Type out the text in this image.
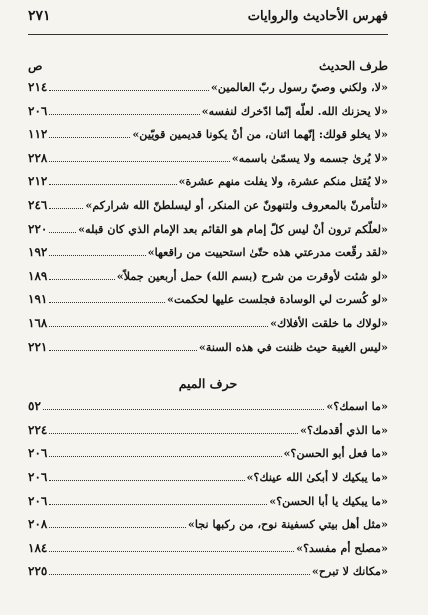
فهرس الأحاديث والروايات
٢٧١
طرف الحديث
ص
«لا، ولكني وصيّ رسول ربّ العالمين»
٢١٤
«لا يحزنك الله. لعلّه إنّما ادّخرك لنفسه»
٢٠٦
«لا يخلو قولك: إنّهما اثنان، من أنْ يكونا قديمين قويّين»
١١٢
«لا يُرىٰ جسمه ولا يسمّىٰ باسمه»
٢٢٨
«لا يُقتل منكم عشرة، ولا يفلت منهم عشرة»
٢١٢
«لتأمرنّ بالمعروف ولتنهونّ عن المنكر، أو ليسلطنّ الله شراركم»
٢٤٦
«لعلّكم ترون أنْ ليس كلّ إمام هو القائم بعد الإمام الذي كان قبله»
٢٢٠
«لقد رقّعت مدرعتي هذه حتّىٰ استحييت من راقعها»
١٩٢
«لو شئت لأوقرت من شرح (بسم الله) حمل أربعين جملاً»
١٨٩
«لو كُسرت لي الوسادة فجلست عليها لحكمت»
١٩١
«لولاك ما خلقت الأفلاك»
١٦٨
«ليس الغيبة حيث ظننت في هذه السنة»
٢٢١
حرف الميم
«ما اسمك؟»
٥٢
«ما الذي أقدمك؟»
٢٢٤
«ما فعل أبو الحسن؟»
٢٠٦
«ما يبكيك لا أبكىٰ الله عينك؟»
٢٠٦
«ما يبكيك يا أبا الحسن؟»
٢٠٦
«مثل أهل بيتي كسفينة نوح، من ركبها نجا»
٢٠٨
«مصلح أم مفسد؟»
١٨٤
«مكانك لا تبرح»
٢٢٥
